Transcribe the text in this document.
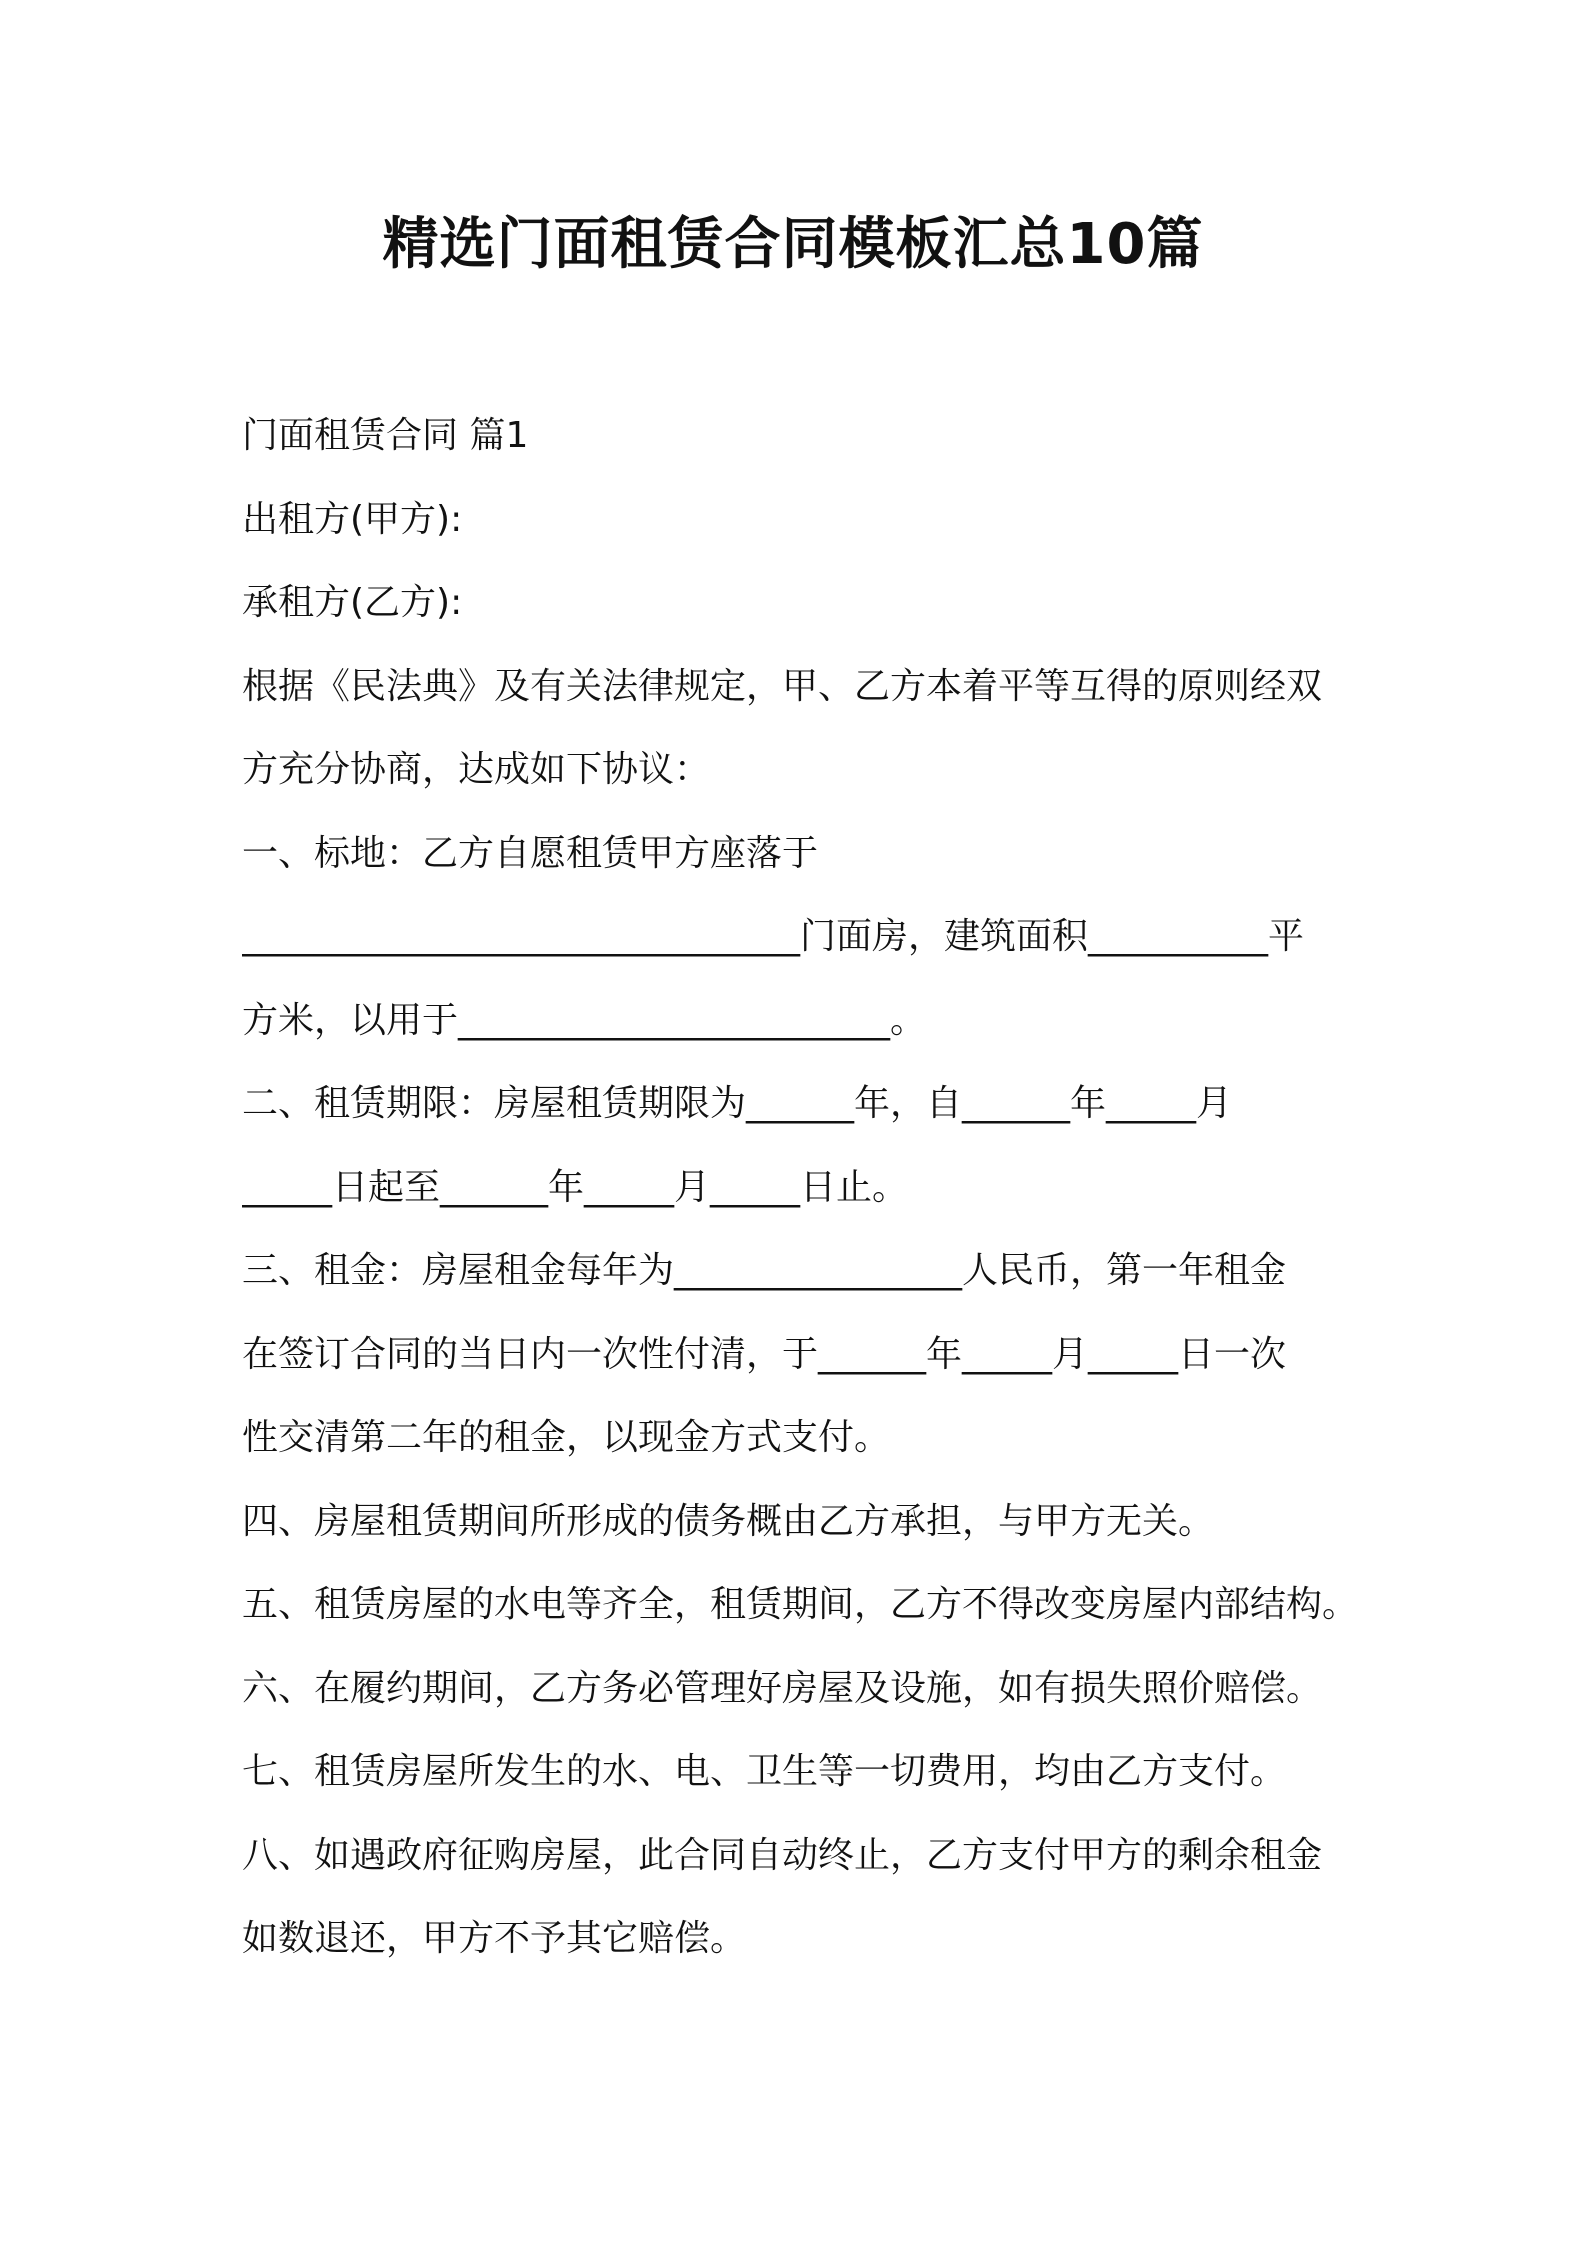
精选门面租赁合同模板汇总10篇
门面租赁合同 篇1
出租方(甲方):
承租方(乙方):
根据《民法典》及有关法律规定，甲、乙方本着平等互得的原则经双
方充分协商，达成如下协议：
一、标地：乙方自愿租赁甲方座落于
_______________________________门面房，建筑面积__________平
方米，以用于________________________。
二、租赁期限：房屋租赁期限为______年，自______年_____月
_____日起至______年_____月_____日止。
三、租金：房屋租金每年为________________人民币，第一年租金
在签订合同的当日内一次性付清，于______年_____月_____日一次
性交清第二年的租金，以现金方式支付。
四、房屋租赁期间所形成的债务概由乙方承担，与甲方无关。
五、租赁房屋的水电等齐全，租赁期间，乙方不得改变房屋内部结构。
六、在履约期间，乙方务必管理好房屋及设施，如有损失照价赔偿。
七、租赁房屋所发生的水、电、卫生等一切费用，均由乙方支付。
八、如遇政府征购房屋，此合同自动终止，乙方支付甲方的剩余租金
如数退还，甲方不予其它赔偿。
